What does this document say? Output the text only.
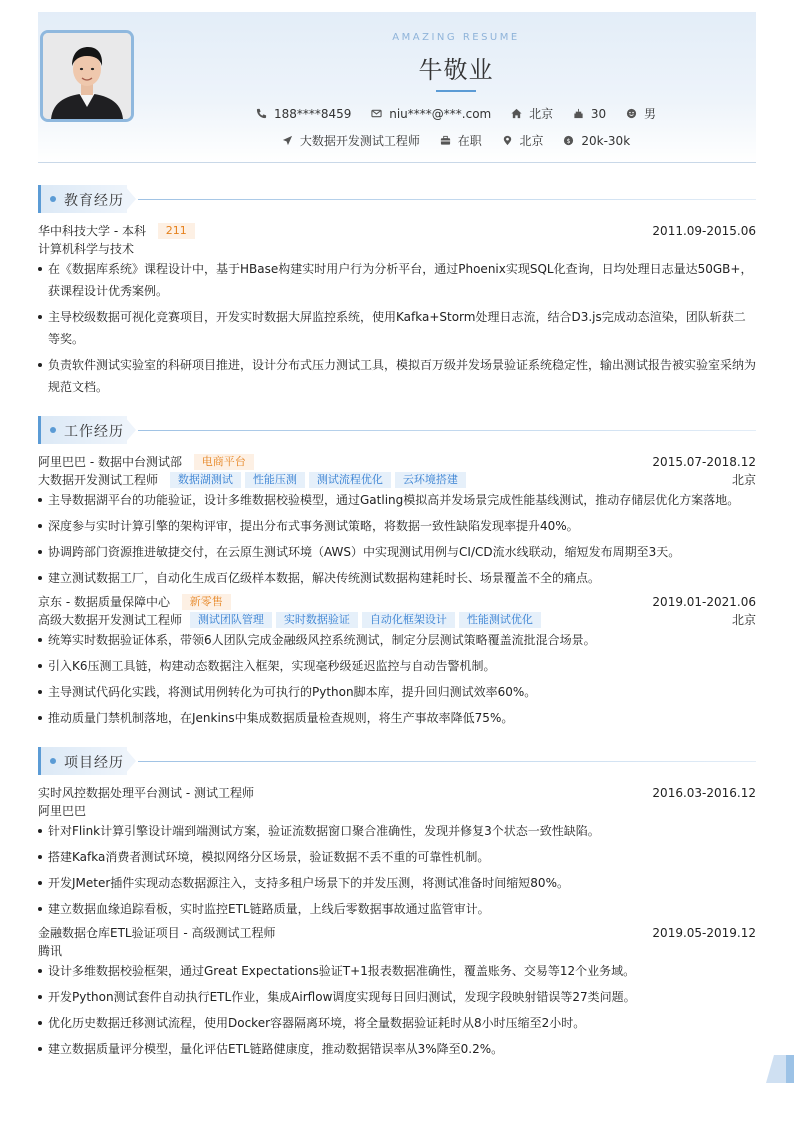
AMAZING RESUME
牛敬业
188****8459
	niu****@***.com
	北京
	30
	男
大数据开发测试工程师
	在职
	北京
	$ 20k-30k
教育经历
华中科技大学 - 本科 211	2011.09-2015.06
计算机科学与技术
在《数据库系统》课程设计中，基于HBase构建实时用户行为分析平台，通过Phoenix实现SQL化查询，日均处理日志量达50GB+，获课程设计优秀案例。
主导校级数据可视化竞赛项目，开发实时数据大屏监控系统，使用Kafka+Storm处理日志流，结合D3.js完成动态渲染，团队斩获二等奖。
负责软件测试实验室的科研项目推进，设计分布式压力测试工具，模拟百万级并发场景验证系统稳定性，输出测试报告被实验室采纳为规范文档。
工作经历
阿里巴巴 - 数据中台测试部 电商平台	2015.07-2018.12
大数据开发测试工程师 数据湖测试 性能压测 测试流程优化 云环境搭建	北京
主导数据湖平台的功能验证，设计多维数据校验模型，通过Gatling模拟高并发场景完成性能基线测试，推动存储层优化方案落地。
深度参与实时计算引擎的架构评审，提出分布式事务测试策略，将数据一致性缺陷发现率提升40%。
协调跨部门资源推进敏捷交付，在云原生测试环境（AWS）中实现测试用例与CI/CD流水线联动，缩短发布周期至3天。
建立测试数据工厂，自动化生成百亿级样本数据，解决传统测试数据构建耗时长、场景覆盖不全的痛点。
京东 - 数据质量保障中心 新零售	2019.01-2021.06
高级大数据开发测试工程师 测试团队管理 实时数据验证 自动化框架设计 性能测试优化	北京
统筹实时数据验证体系，带领6人团队完成金融级风控系统测试，制定分层测试策略覆盖流批混合场景。
引入K6压测工具链，构建动态数据注入框架，实现毫秒级延迟监控与自动告警机制。
主导测试代码化实践，将测试用例转化为可执行的Python脚本库，提升回归测试效率60%。
推动质量门禁机制落地，在Jenkins中集成数据质量检查规则，将生产事故率降低75%。
项目经历
实时风控数据处理平台测试 - 测试工程师	2016.03-2016.12
阿里巴巴
针对Flink计算引擎设计端到端测试方案，验证流数据窗口聚合准确性，发现并修复3个状态一致性缺陷。
搭建Kafka消费者测试环境，模拟网络分区场景，验证数据不丢不重的可靠性机制。
开发JMeter插件实现动态数据源注入，支持多租户场景下的并发压测，将测试准备时间缩短80%。
建立数据血缘追踪看板，实时监控ETL链路质量，上线后零数据事故通过监管审计。
金融数据仓库ETL验证项目 - 高级测试工程师	2019.05-2019.12
腾讯
设计多维数据校验框架，通过Great Expectations验证T+1报表数据准确性，覆盖账务、交易等12个业务域。
开发Python测试套件自动执行ETL作业，集成Airflow调度实现每日回归测试，发现字段映射错误等27类问题。
优化历史数据迁移测试流程，使用Docker容器隔离环境，将全量数据验证耗时从8小时压缩至2小时。
建立数据质量评分模型，量化评估ETL链路健康度，推动数据错误率从3%降至0.2%。
